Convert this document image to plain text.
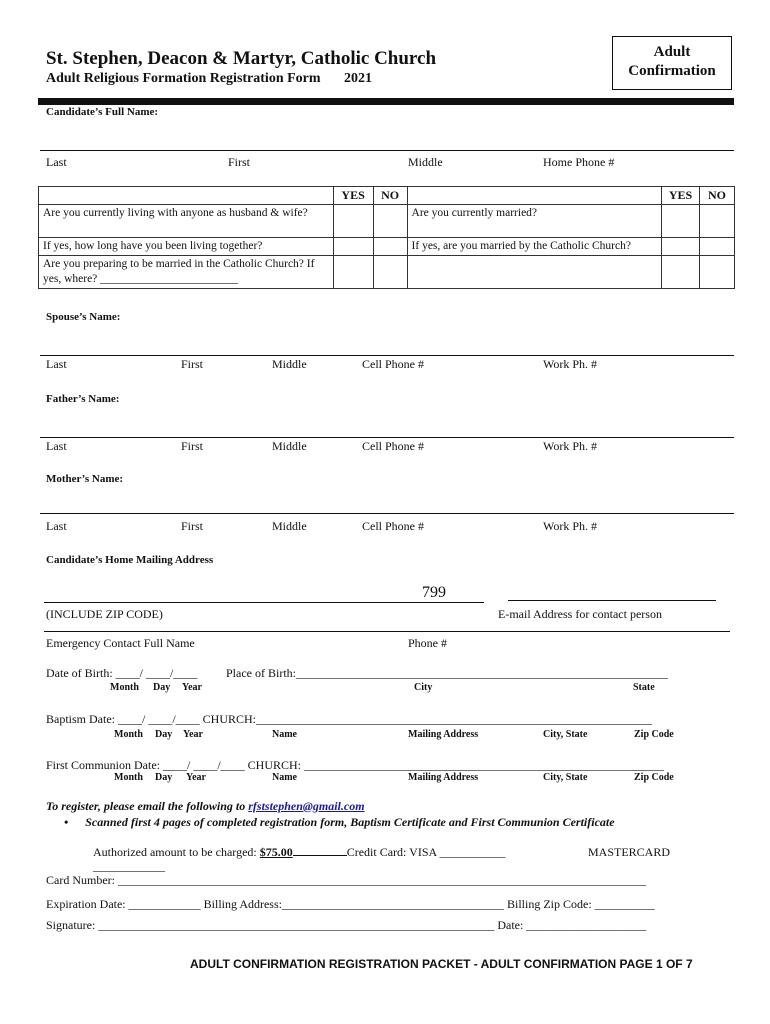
St. Stephen, Deacon & Martyr, Catholic Church
Adult Religious Formation Registration Form 2021
Adult
Confirmation
Candidate’s Full Name:
Last	First	Middle	Home Phone #
	YES	NO		YES	NO
Are you currently living with anyone as husband & wife?			Are you currently married?		
If yes, how long have you been living together?			If yes, are you married by the Catholic Church?		
Are you preparing to be married in the Catholic Church? If yes, where? ________________________					
Spouse’s Name:
Last	First	Middle	Cell Phone #	Work Ph. #
Father’s Name:
Last	First	Middle	Cell Phone #	Work Ph. #
Mother’s Name:
Last	First	Middle	Cell Phone #	Work Ph. #
Candidate’s Home Mailing Address
799
(INCLUDE ZIP CODE)	E-mail Address for contact person
Emergency Contact Full Name	Phone #
Date of Birth: ____/ ____/____ Place of Birth:______________________________________________________________
Month Day Year	City	State
Baptism Date: ____/ ____/____ CHURCH:__________________________________________________________________
Month Day Year	Name	Mailing Address	City, State	Zip Code
First Communion Date: ____/ ____/____ CHURCH: ____________________________________________________________
Month Day Year	Name	Mailing Address	City, State	Zip Code
To register, please email the following to rfststephen@gmail.com
• Scanned first 4 pages of completed registration form, Baptism Certificate and First Communion Certificate
Authorized amount to be charged: $75.00	Credit Card: VISA ___________	MASTERCARD
____________
Card Number: ________________________________________________________________________________________
Expiration Date: ____________ Billing Address:_____________________________________ Billing Zip Code: __________
Signature: __________________________________________________________________ Date: ____________________
ADULT CONFIRMATION REGISTRATION PACKET - ADULT CONFIRMATION PAGE 1 OF 7
